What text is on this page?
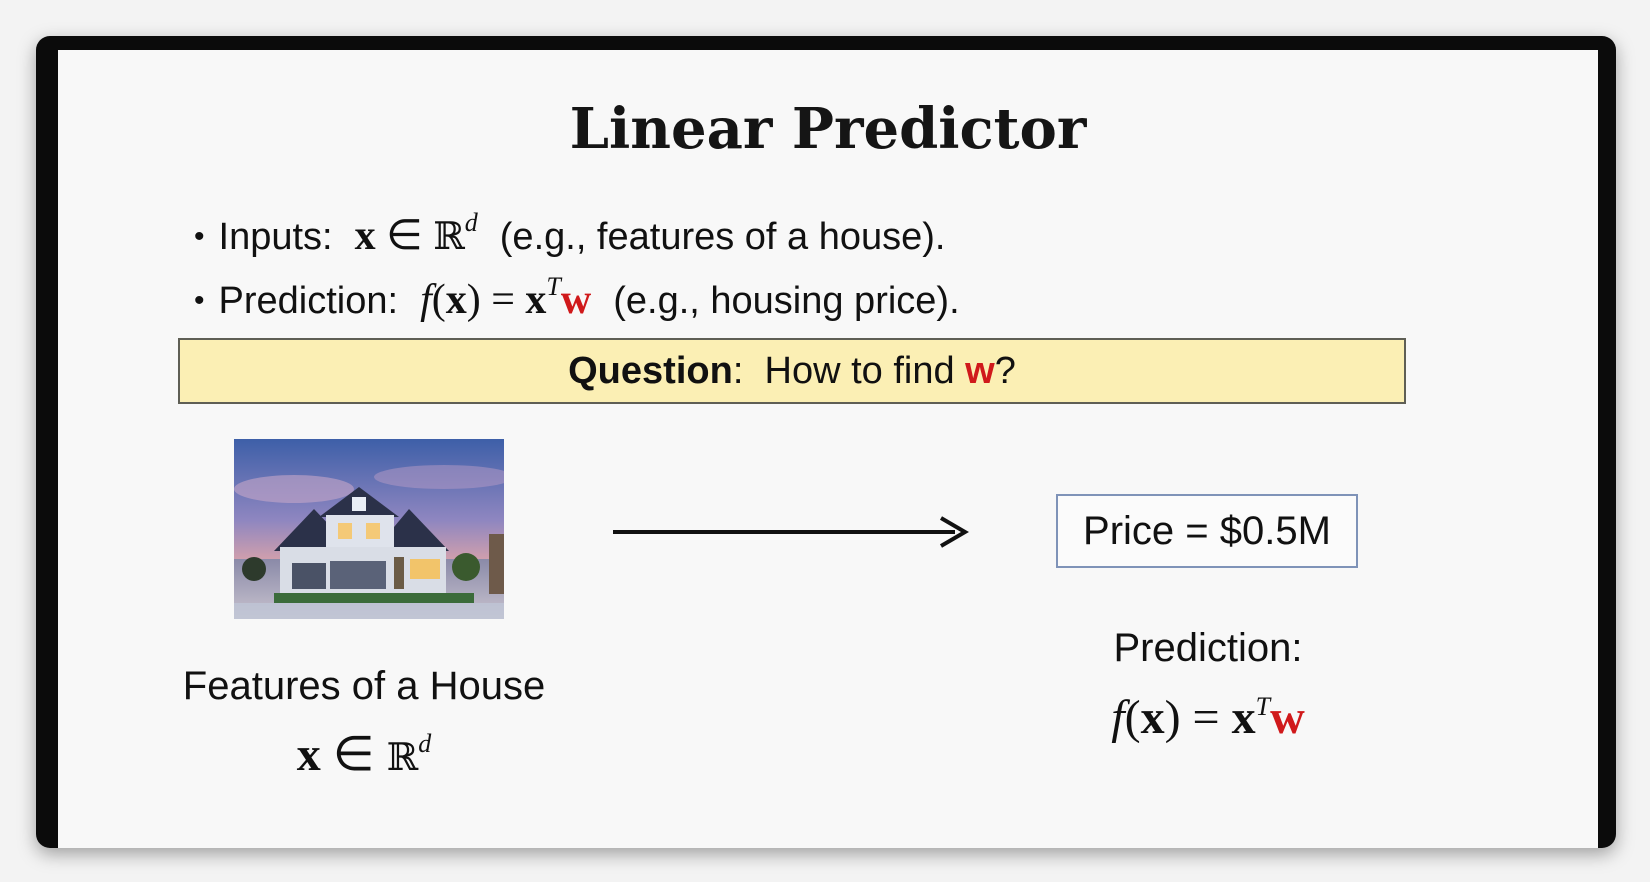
Linear Predictor
• Inputs: x ∈ ℝ$^d$ (e.g., features of a house).
• Prediction: $f(x) = x^Tw$ (e.g., housing price).
Question :
How to find
w ?
Price = $0.5M
Features of a House
x ∈ ℝ$^d$
Prediction:
$f(x) = x^Tw$
